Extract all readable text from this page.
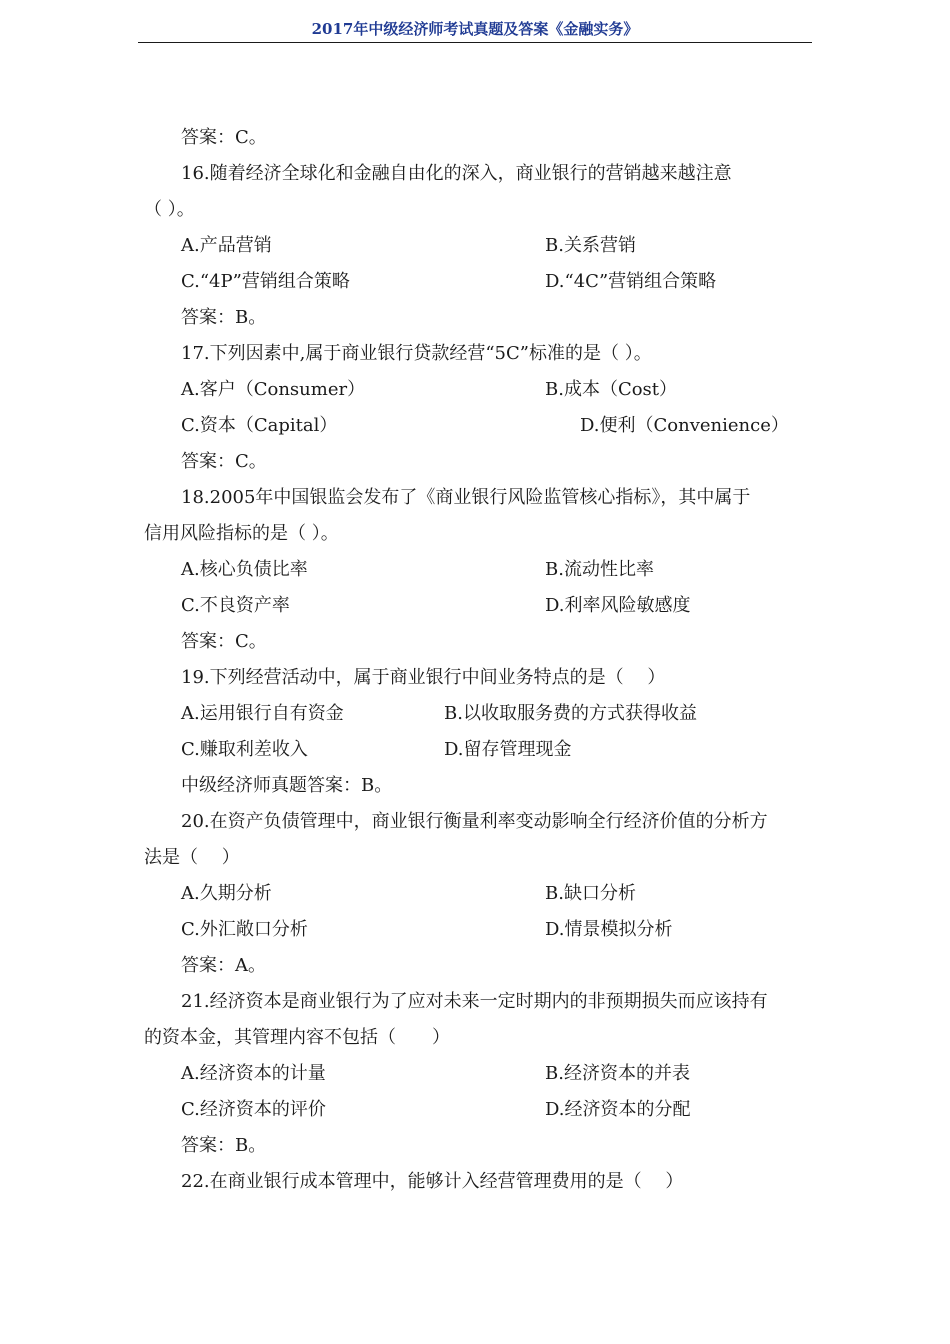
2017年中级经济师考试真题及答案《金融实务》
答案：C。
16.随着经济全球化和金融自由化的深入，商业银行的营销越来越注意
（ ）。
A.产品营销	B.关系营销
C.“4P”营销组合策略	D.“4C”营销组合策略
答案：B。
17.下列因素中,属于商业银行贷款经营“5C”标准的是（ ）。
A.客户（Consumer）	B.成本（Cost）
C.资本（Capital）	D.便利（Convenience）
答案：C。
18.2005年中国银监会发布了《商业银行风险监管核心指标》，其中属于
信用风险指标的是（ ）。
A.核心负债比率	B.流动性比率
C.不良资产率	D.利率风险敏感度
答案：C。
19.下列经营活动中，属于商业银行中间业务特点的是（　 ）
A.运用银行自有资金	B.以收取服务费的方式获得收益
C.赚取利差收入	D.留存管理现金
中级经济师真题答案：B。
20.在资产负债管理中，商业银行衡量利率变动影响全行经济价值的分析方
法是（　 ）
A.久期分析	B.缺口分析
C.外汇敞口分析	D.情景模拟分析
答案：A。
21.经济资本是商业银行为了应对未来一定时期内的非预期损失而应该持有
的资本金，其管理内容不包括（　　）
A.经济资本的计量	B.经济资本的并表
C.经济资本的评价	D.经济资本的分配
答案：B。
22.在商业银行成本管理中，能够计入经营管理费用的是（　 ）
